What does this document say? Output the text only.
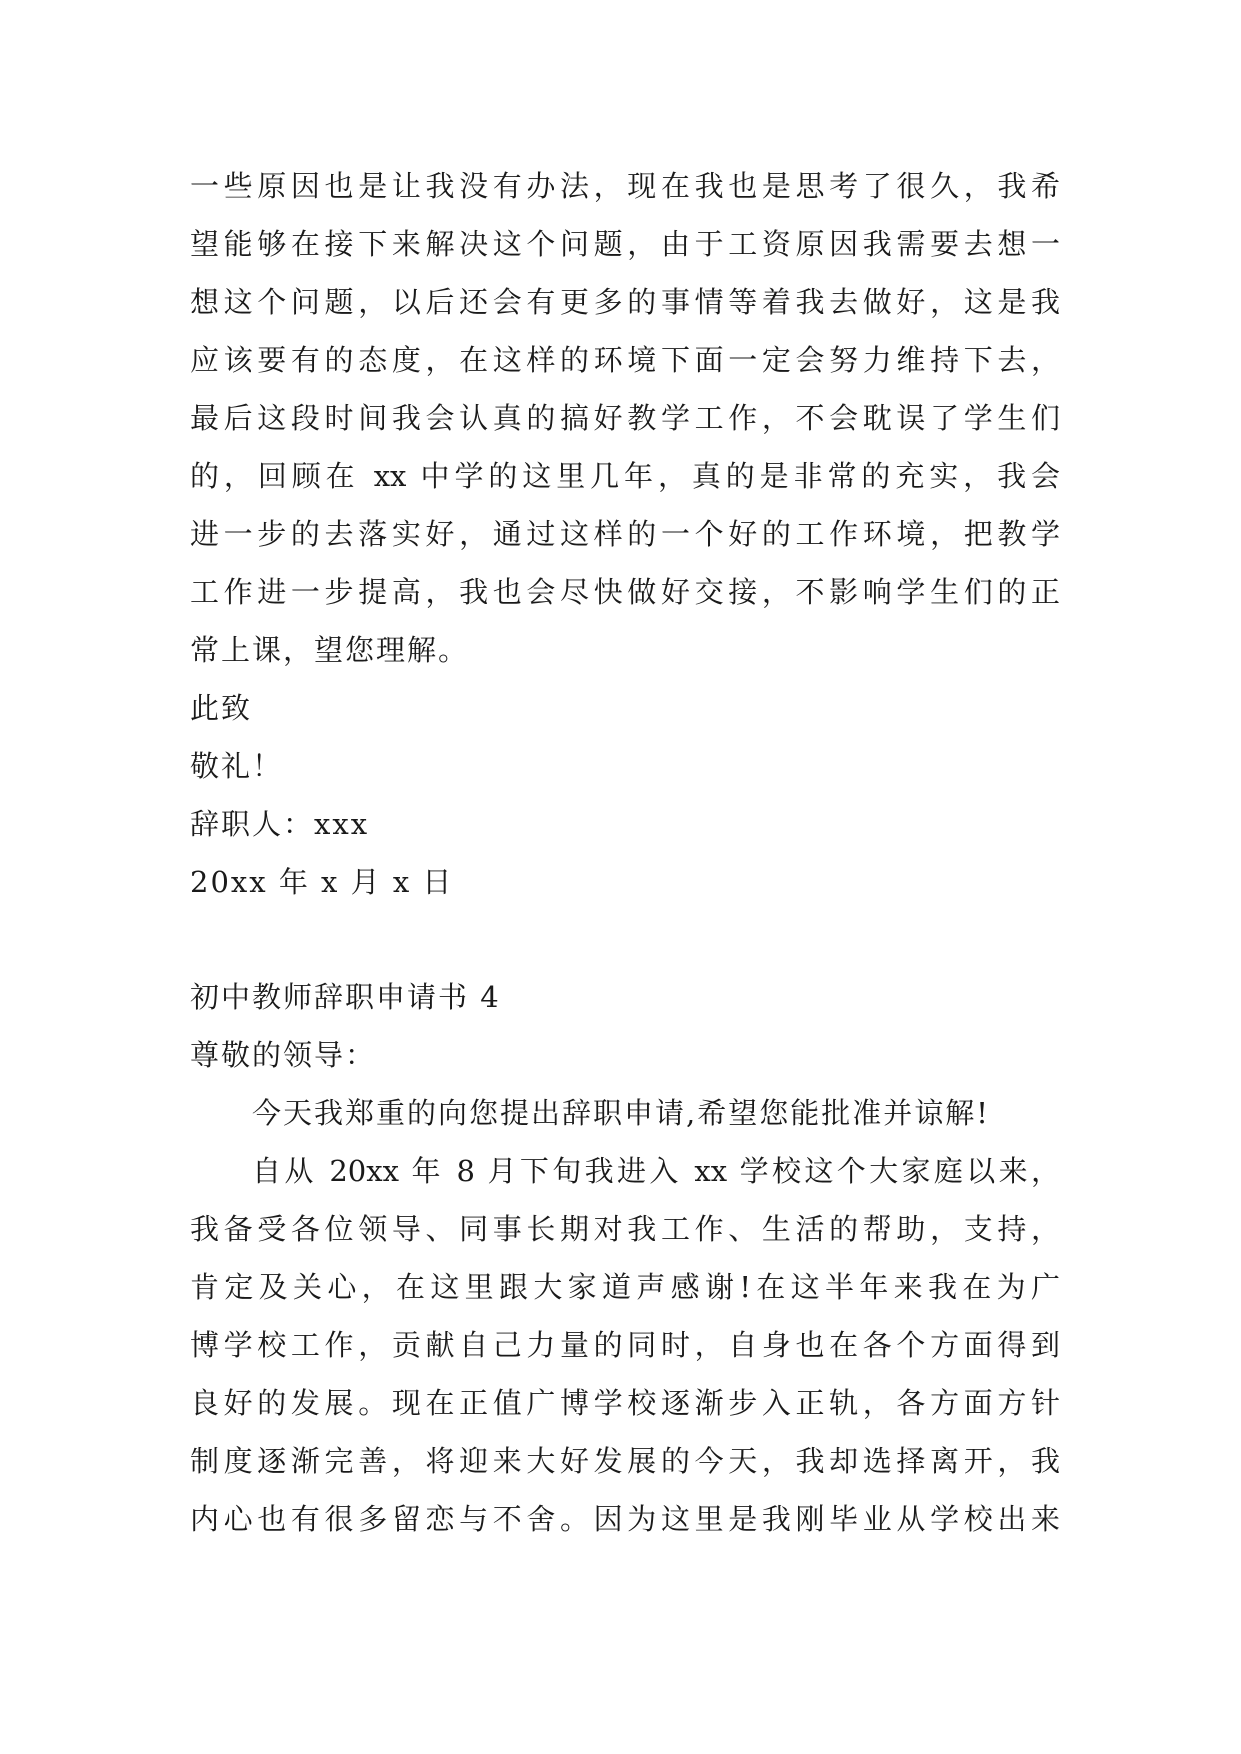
一些原因也是让我没有办法，现在我也是思考了很久，我希
望能够在接下来解决这个问题，由于工资原因我需要去想一
想这个问题，以后还会有更多的事情等着我去做好，这是我
应该要有的态度，在这样的环境下面一定会努力维持下去，
最后这段时间我会认真的搞好教学工作，不会耽误了学生们
的，回顾在 xx 中学的这里几年，真的是非常的充实，我会
进一步的去落实好，通过这样的一个好的工作环境，把教学
工作进一步提高，我也会尽快做好交接，不影响学生们的正
常上课，望您理解。
此致
敬礼！
辞职人：xxx
20xx 年 x 月 x 日
初中教师辞职申请书 4
尊敬的领导：
今天我郑重的向您提出辞职申请,希望您能批准并谅解!
自从 20xx 年 8 月下旬我进入 xx 学校这个大家庭以来，
我备受各位领导、同事长期对我工作、生活的帮助，支持，
肯定及关心，在这里跟大家道声感谢!在这半年来我在为广
博学校工作，贡献自己力量的同时，自身也在各个方面得到
良好的发展。现在正值广博学校逐渐步入正轨，各方面方针
制度逐渐完善，将迎来大好发展的今天，我却选择离开，我
内心也有很多留恋与不舍。因为这里是我刚毕业从学校出来
